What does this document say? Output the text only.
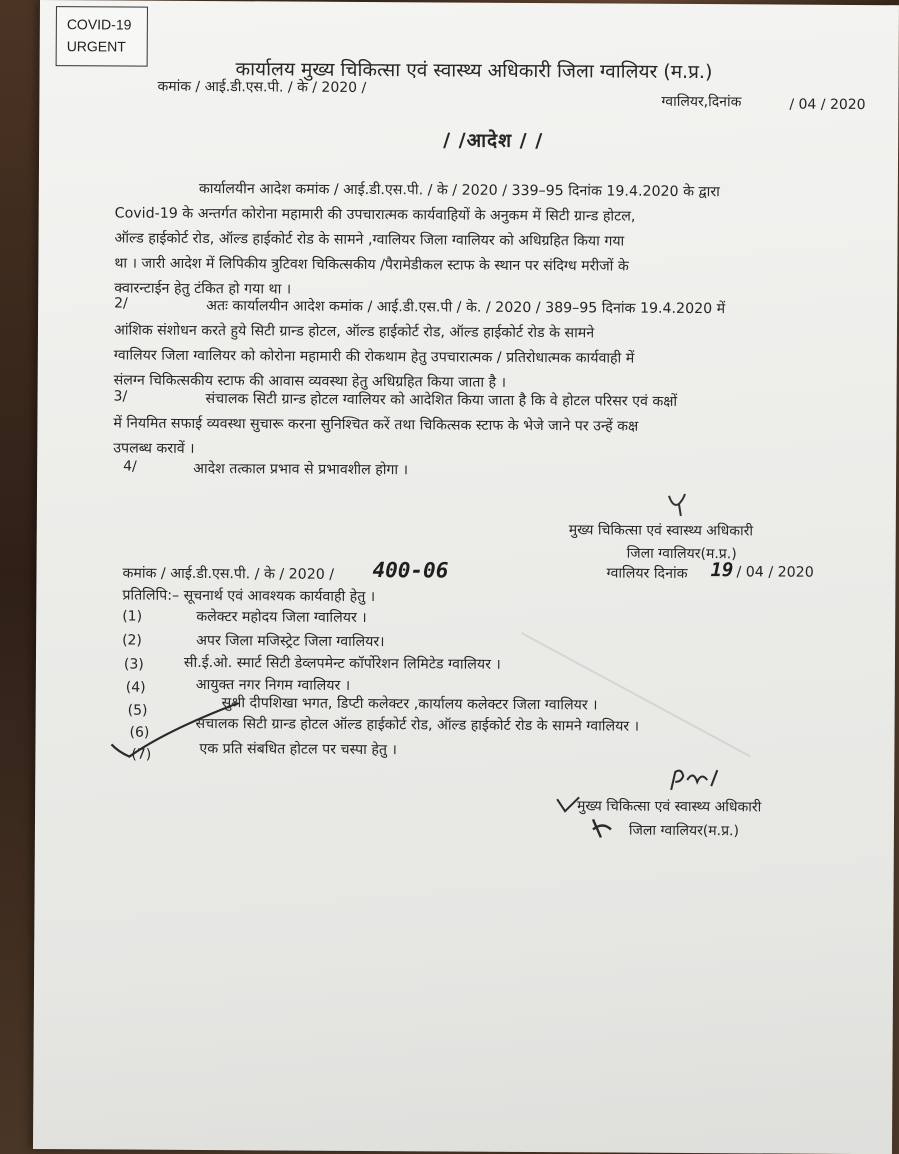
COVID-19
URGENT
कार्यालय मुख्य चिकित्सा एवं स्वास्थ्य अधिकारी जिला ग्वालियर (म.प्र.)
कमांक / आई.डी.एस.पी. / के / 2020 /
ग्वालियर,दिनांक	/ 04 / 2020
/ /आदेश / /
कार्यालयीन आदेश कमांक / आई.डी.एस.पी. / के / 2020 / 339–95 दिनांक 19.4.2020 के द्वारा
Covid-19 के अन्तर्गत कोरोना महामारी की उपचारात्मक कार्यवाहियों के अनुकम में सिटी ग्रान्ड होटल,
ऑल्ड हाईकोर्ट रोड, ऑल्ड हाईकोर्ट रोड के सामने ,ग्वालियर जिला ग्वालियर को अधिग्रहित किया गया
था । जारी आदेश में लिपिकीय त्रुटिवश चिकित्सकीय /पैरामेडीकल स्टाफ के स्थान पर संदिग्ध मरीजों के
क्वारन्टाईन हेतु टंकित हो गया था ।
2/	अतः कार्यालयीन आदेश कमांक / आई.डी.एस.पी / के. / 2020 / 389–95 दिनांक 19.4.2020 में
आंशिक संशोधन करते हुये सिटी ग्रान्ड होटल, ऑल्ड हाईकोर्ट रोड, ऑल्ड हाईकोर्ट रोड के सामने
ग्वालियर जिला ग्वालियर को कोरोना महामारी की रोकथाम हेतु उपचारात्मक / प्रतिरोधात्मक कार्यवाही में
संलग्न चिकित्सकीय स्टाफ की आवास व्यवस्था हेतु अधिग्रहित किया जाता है ।
3/	संचालक सिटी ग्रान्ड होटल ग्वालियर को आदेशित किया जाता है कि वे होटल परिसर एवं कक्षों
में नियमित सफाई व्यवस्था सुचारू करना सुनिश्चित करें तथा चिकित्सक स्टाफ के भेजे जाने पर उन्हें कक्ष
उपलब्ध करावें ।
4/	आदेश तत्काल प्रभाव से प्रभावशील होगा ।
मुख्य चिकित्सा एवं स्वास्थ्य अधिकारी
जिला ग्वालियर(म.प्र.)
कमांक / आई.डी.एस.पी. / के / 2020 / 400-06	ग्वालियर दिनांक 19 / 04 / 2020
प्रतिलिपि:– सूचनार्थ एवं आवश्यक कार्यवाही हेतु ।
(1)	कलेक्टर महोदय जिला ग्वालियर ।
(2)	अपर जिला मजिस्ट्रेट जिला ग्वालियर।
(3)	सी.ई.ओ. स्मार्ट सिटी डेव्लपमेन्ट कॉर्पोरेशन लिमिटेड ग्वालियर ।
(4)	आयुक्त नगर निगम ग्वालियर ।
(5)	सुश्री दीपशिखा भगत, डिप्टी कलेक्टर ,कार्यालय कलेक्टर जिला ग्वालियर ।
(6)	संचालक सिटी ग्रान्ड होटल ऑल्ड हाईकोर्ट रोड, ऑल्ड हाईकोर्ट रोड के सामने ग्वालियर ।
(7)	एक प्रति संबधित होटल पर चस्पा हेतु ।
मुख्य चिकित्सा एवं स्वास्थ्य अधिकारी
जिला ग्वालियर(म.प्र.)
